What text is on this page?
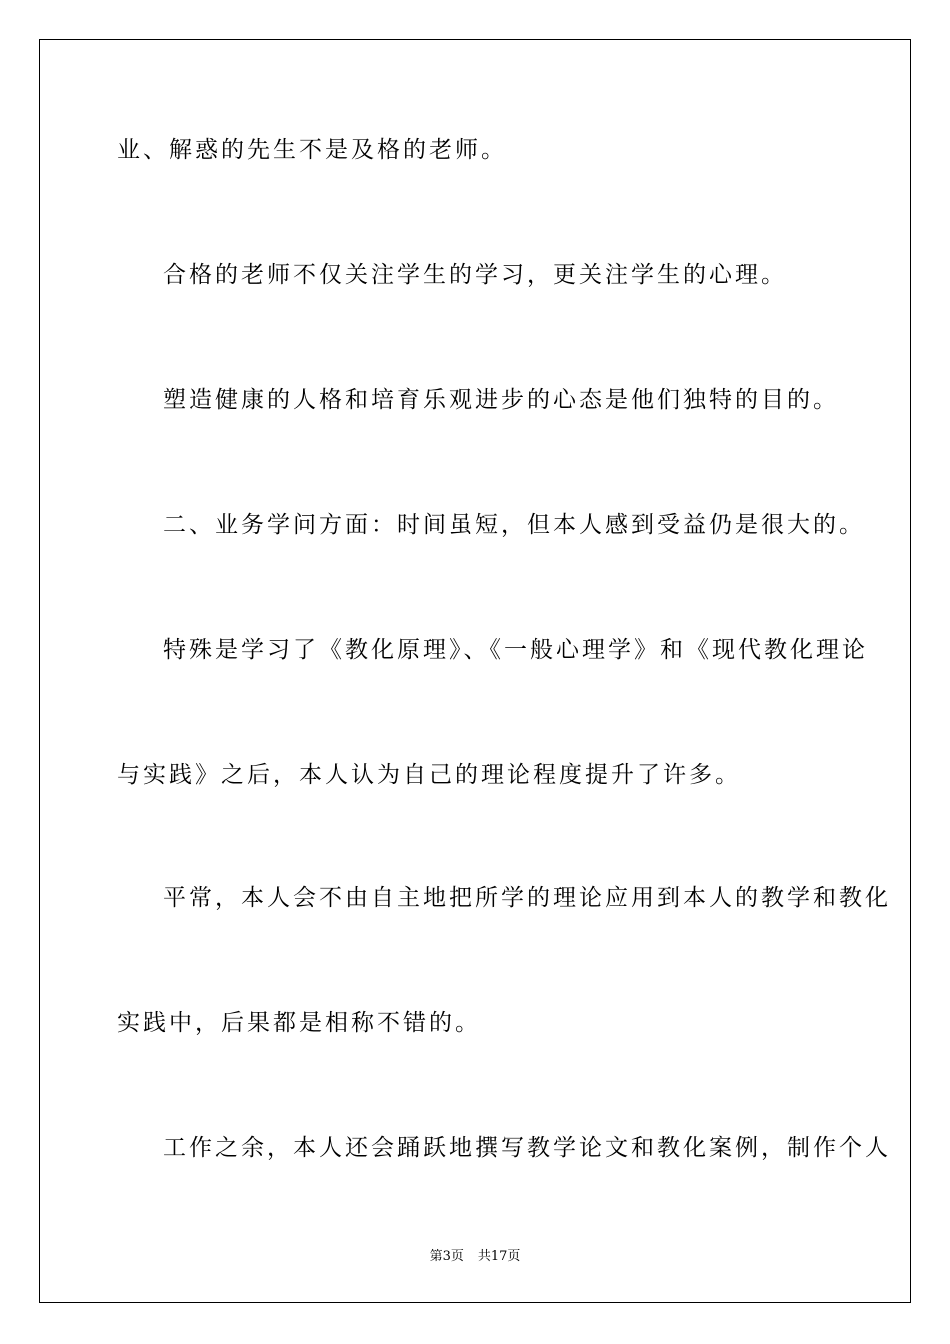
业、解惑的先生不是及格的老师。
合格的老师不仅关注学生的学习，更关注学生的心理。
塑造健康的人格和培育乐观进步的心态是他们独特的目的。
二、业务学问方面：时间虽短，但本人感到受益仍是很大的。
特殊是学习了《教化原理》、《一般心理学》和《现代教化理论
与实践》之后，本人认为自己的理论程度提升了许多。
平常，本人会不由自主地把所学的理论应用到本人的教学和教化
实践中，后果都是相称不错的。
工作之余，本人还会踊跃地撰写教学论文和教化案例，制作个人
第3页 共17页
